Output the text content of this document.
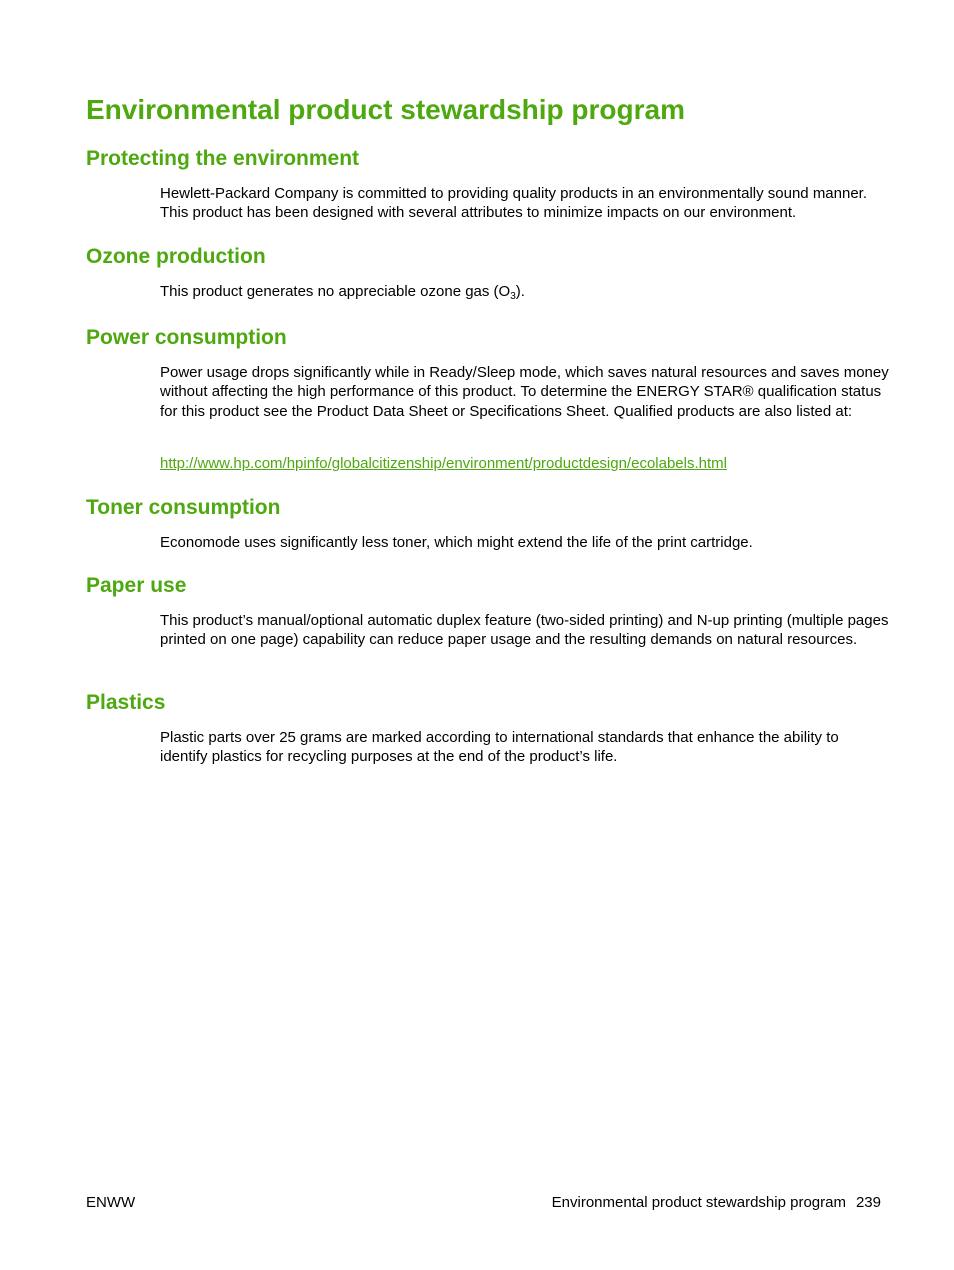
Environmental product stewardship program
Protecting the environment

Hewlett-Packard Company is committed to providing quality products in an environmentally sound manner. This product has been designed with several attributes to minimize impacts on our environment.

Ozone production

This product generates no appreciable ozone gas $(O_3)$.

Power consumption

Power usage drops significantly while in Ready/Sleep mode, which saves natural resources and saves money without affecting the high performance of this product. To determine the ENERGY STAR® qualification status for this product see the Product Data Sheet or Specifications Sheet. Qualified products are also listed at:

http://www.hp.com/hpinfo/globalcitizenship/environment/productdesign/ecolabels.html
Toner consumption

Economode uses significantly less toner, which might extend the life of the print cartridge.

Paper use

This product’s manual/optional automatic duplex feature (two-sided printing) and N-up printing (multiple pages printed on one page) capability can reduce paper usage and the resulting demands on natural resources.

Plastics

Plastic parts over 25 grams are marked according to international standards that enhance the ability to identify plastics for recycling purposes at the end of the product’s life.

ENWW	Environmental product stewardship program 239
